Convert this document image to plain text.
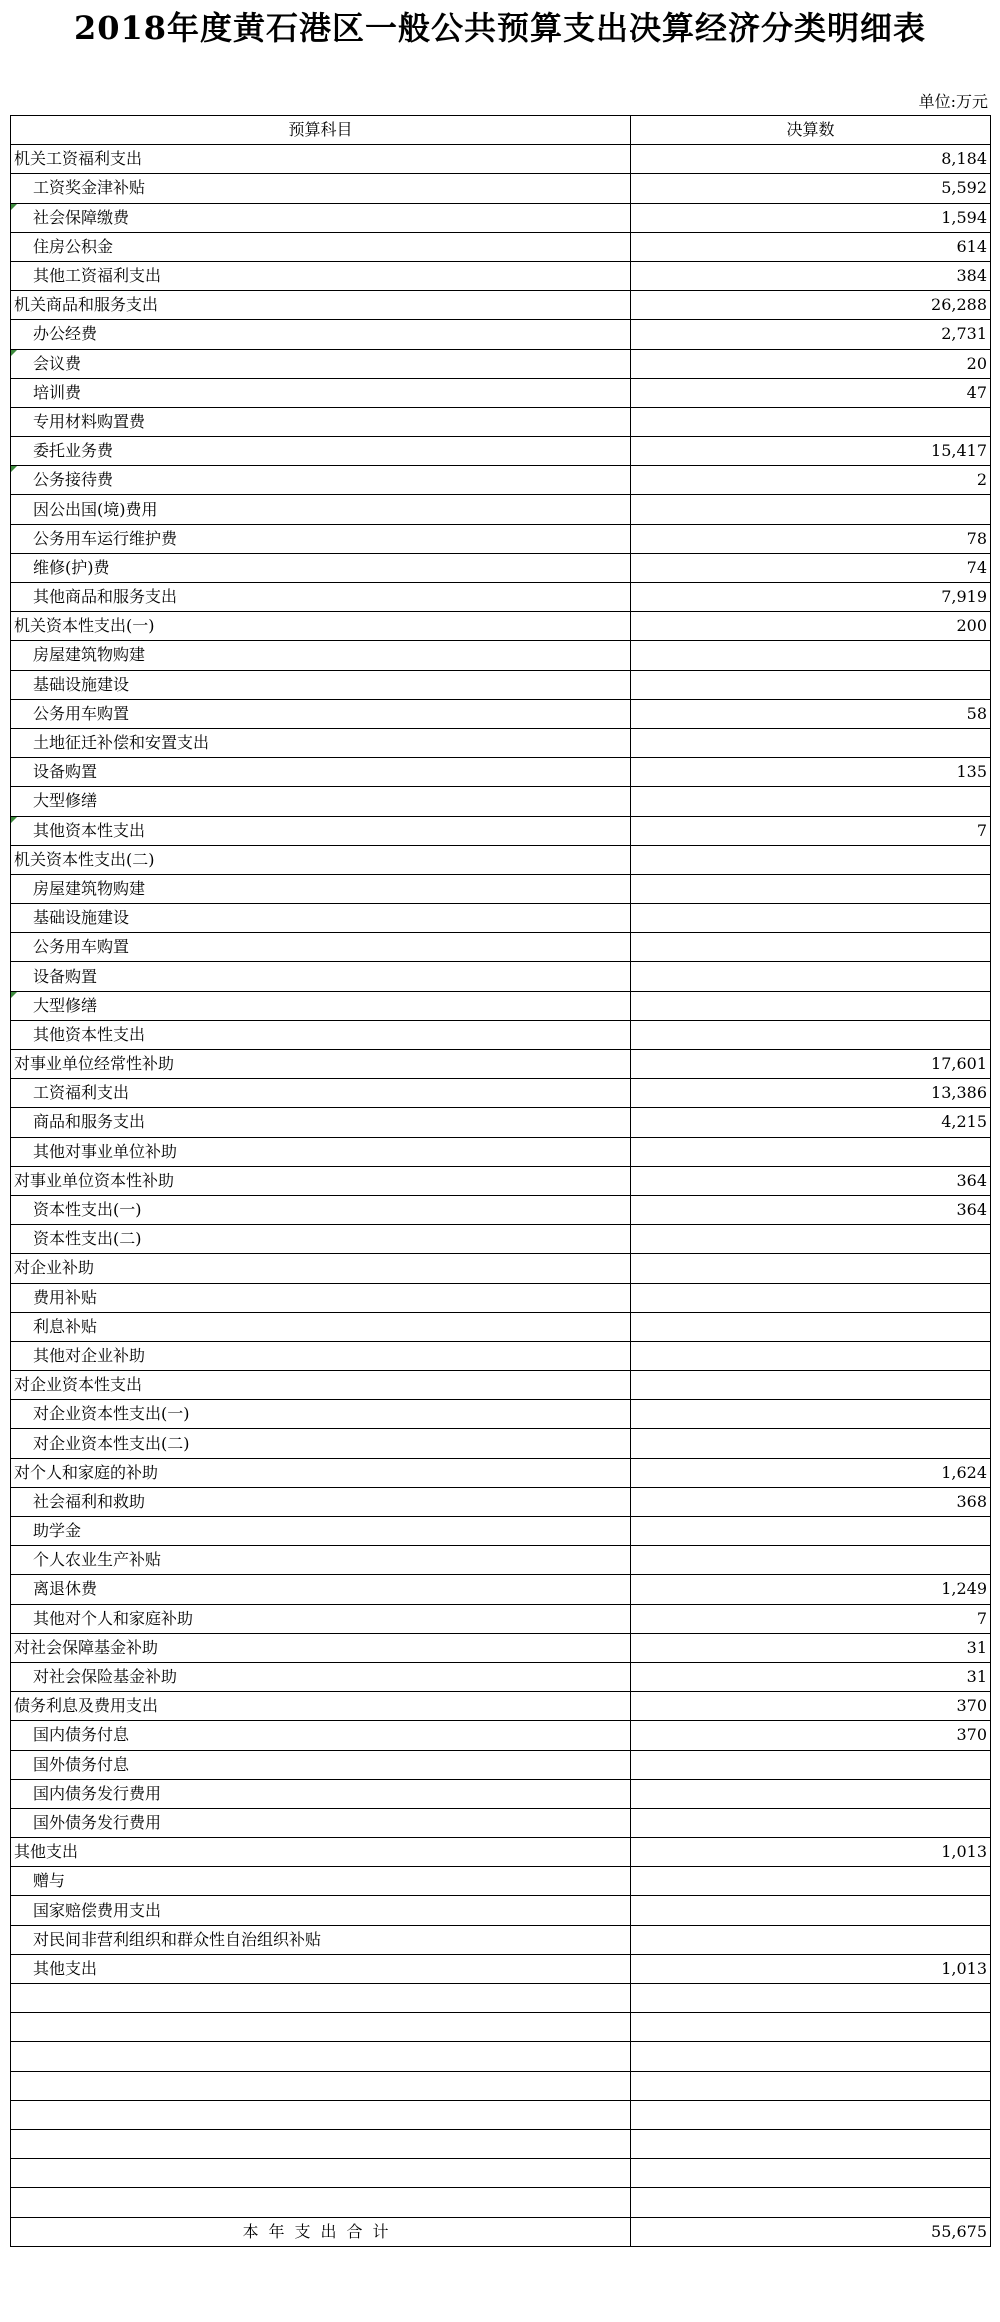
2018年度黄石港区一般公共预算支出决算经济分类明细表
单位:万元
预算科目	决算数
机关工资福利支出	8,184
工资奖金津补贴	5,592
社会保障缴费	1,594
住房公积金	614
其他工资福利支出	384
机关商品和服务支出	26,288
办公经费	2,731
会议费	20
培训费	47
专用材料购置费	
委托业务费	15,417
公务接待费	2
因公出国(境)费用	
公务用车运行维护费	78
维修(护)费	74
其他商品和服务支出	7,919
机关资本性支出(一)	200
房屋建筑物购建	
基础设施建设	
公务用车购置	58
土地征迁补偿和安置支出	
设备购置	135
大型修缮	
其他资本性支出	7
机关资本性支出(二)	
房屋建筑物购建	
基础设施建设	
公务用车购置	
设备购置	
大型修缮	
其他资本性支出	
对事业单位经常性补助	17,601
工资福利支出	13,386
商品和服务支出	4,215
其他对事业单位补助	
对事业单位资本性补助	364
资本性支出(一)	364
资本性支出(二)	
对企业补助	
费用补贴	
利息补贴	
其他对企业补助	
对企业资本性支出	
对企业资本性支出(一)	
对企业资本性支出(二)	
对个人和家庭的补助	1,624
社会福利和救助	368
助学金	
个人农业生产补贴	
离退休费	1,249
其他对个人和家庭补助	7
对社会保障基金补助	31
对社会保险基金补助	31
债务利息及费用支出	370
国内债务付息	370
国外债务付息	
国内债务发行费用	
国外债务发行费用	
其他支出	1,013
赠与	
国家赔偿费用支出	
对民间非营利组织和群众性自治组织补贴	
其他支出	1,013

本年支出合计	55,675
